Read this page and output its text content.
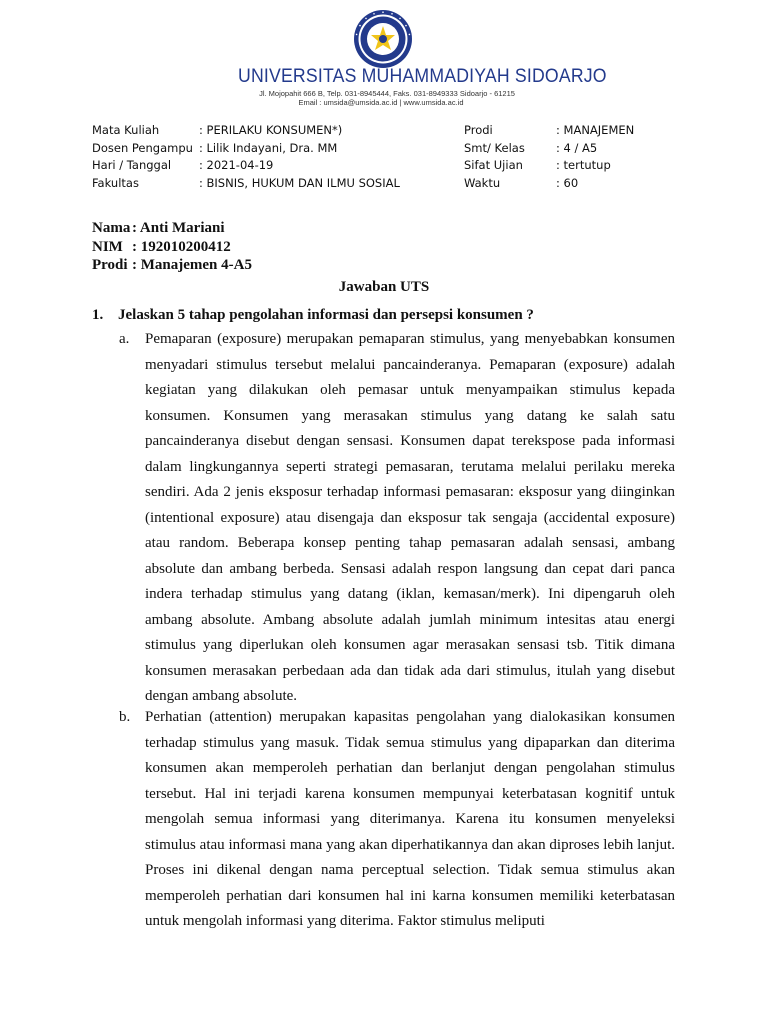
UNIVERSITAS MUHAMMADIYAH SIDOARJO
Jl. Mojopahit 666 B, Telp. 031-8945444, Faks. 031-8949333 Sidoarjo - 61215
Email : umsida@umsida.ac.id | www.umsida.ac.id
Mata Kuliah	: PERILAKU KONSUMEN*)
Dosen Pengampu : Lilik Indayani, Dra. MM
Hari / Tanggal : 2021-04-19
Fakultas	: BISNIS, HUKUM DAN ILMU SOSIAL
Prodi	: MANAJEMEN
Smt/ Kelas	: 4 / A5
Sifat Ujian	: tertutup
Waktu	: 60
Nama : Anti Mariani
NIM : 192010200412
Prodi : Manajemen 4-A5
Jawaban UTS
1. Jelaskan 5 tahap pengolahan informasi dan persepsi konsumen ?
a. Pemaparan (exposure) merupakan pemaparan stimulus, yang menyebabkan konsumen menyadari stimulus tersebut melalui pancainderanya. Pemaparan (exposure) adalah kegiatan yang dilakukan oleh pemasar untuk menyampaikan stimulus kepada konsumen. Konsumen yang merasakan stimulus yang datang ke salah satu pancainderanya disebut dengan sensasi. Konsumen dapat terekspose pada informasi dalam lingkungannya seperti strategi pemasaran, terutama melalui perilaku mereka sendiri. Ada 2 jenis eksposur terhadap informasi pemasaran: eksposur yang diinginkan (intentional exposure) atau disengaja dan eksposur tak sengaja (accidental exposure) atau random. Beberapa konsep penting tahap pemasaran adalah sensasi, ambang absolute dan ambang berbeda. Sensasi adalah respon langsung dan cepat dari panca indera terhadap stimulus yang datang (iklan, kemasan/merk). Ini dipengaruh oleh ambang absolute. Ambang absolute adalah jumlah minimum intesitas atau energi stimulus yang diperlukan oleh konsumen agar merasakan sensasi tsb. Titik dimana konsumen merasakan perbedaan ada dan tidak ada dari stimulus, itulah yang disebut dengan ambang absolute.

b. Perhatian (attention) merupakan kapasitas pengolahan yang dialokasikan konsumen terhadap stimulus yang masuk. Tidak semua stimulus yang dipaparkan dan diterima konsumen akan memperoleh perhatian dan berlanjut dengan pengolahan stimulus tersebut. Hal ini terjadi karena konsumen mempunyai keterbatasan kognitif untuk mengolah semua informasi yang diterimanya. Karena itu konsumen menyeleksi stimulus atau informasi mana yang akan diperhatikannya dan akan diproses lebih lanjut. Proses ini dikenal dengan nama perceptual selection. Tidak semua stimulus akan memperoleh perhatian dari konsumen hal ini karna konsumen memiliki keterbatasan untuk mengolah informasi yang diterima. Faktor stimulus meliputi
